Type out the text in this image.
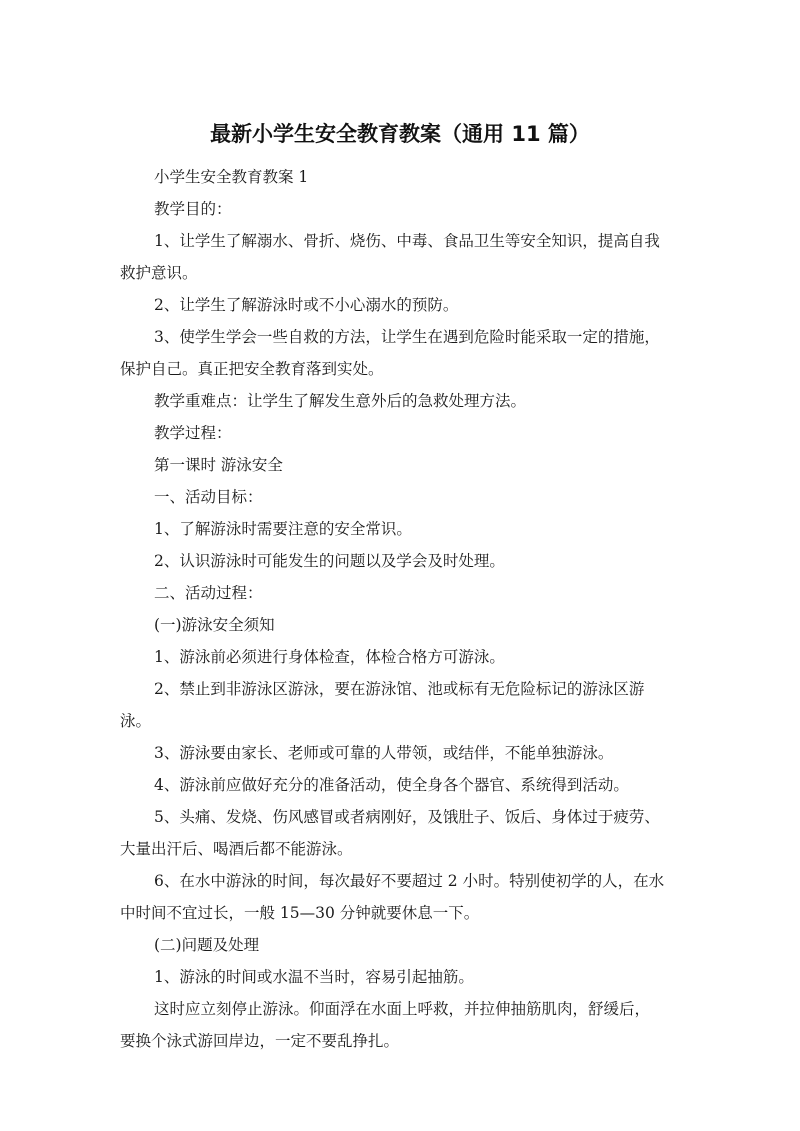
最新小学生安全教育教案（通用 11 篇）
小学生安全教育教案 1
教学目的：
1、让学生了解溺水、骨折、烧伤、中毒、食品卫生等安全知识，提高自我
救护意识。
2、让学生了解游泳时或不小心溺水的预防。
3、使学生学会一些自救的方法，让学生在遇到危险时能采取一定的措施，
保护自己。真正把安全教育落到实处。
教学重难点：让学生了解发生意外后的急救处理方法。
教学过程：
第一课时 游泳安全
一、活动目标：
1、了解游泳时需要注意的安全常识。
2、认识游泳时可能发生的问题以及学会及时处理。
二、活动过程：
(一)游泳安全须知
1、游泳前必须进行身体检查，体检合格方可游泳。
2、禁止到非游泳区游泳，要在游泳馆、池或标有无危险标记的游泳区游
泳。
3、游泳要由家长、老师或可靠的人带领，或结伴，不能单独游泳。
4、游泳前应做好充分的准备活动，使全身各个器官、系统得到活动。
5、头痛、发烧、伤风感冒或者病刚好，及饿肚子、饭后、身体过于疲劳、
大量出汗后、喝酒后都不能游泳。
6、在水中游泳的时间，每次最好不要超过 2 小时。特别使初学的人，在水
中时间不宜过长，一般 15—30 分钟就要休息一下。
(二)问题及处理
1、游泳的时间或水温不当时，容易引起抽筋。
这时应立刻停止游泳。仰面浮在水面上呼救，并拉伸抽筋肌肉，舒缓后，
要换个泳式游回岸边，一定不要乱挣扎。
